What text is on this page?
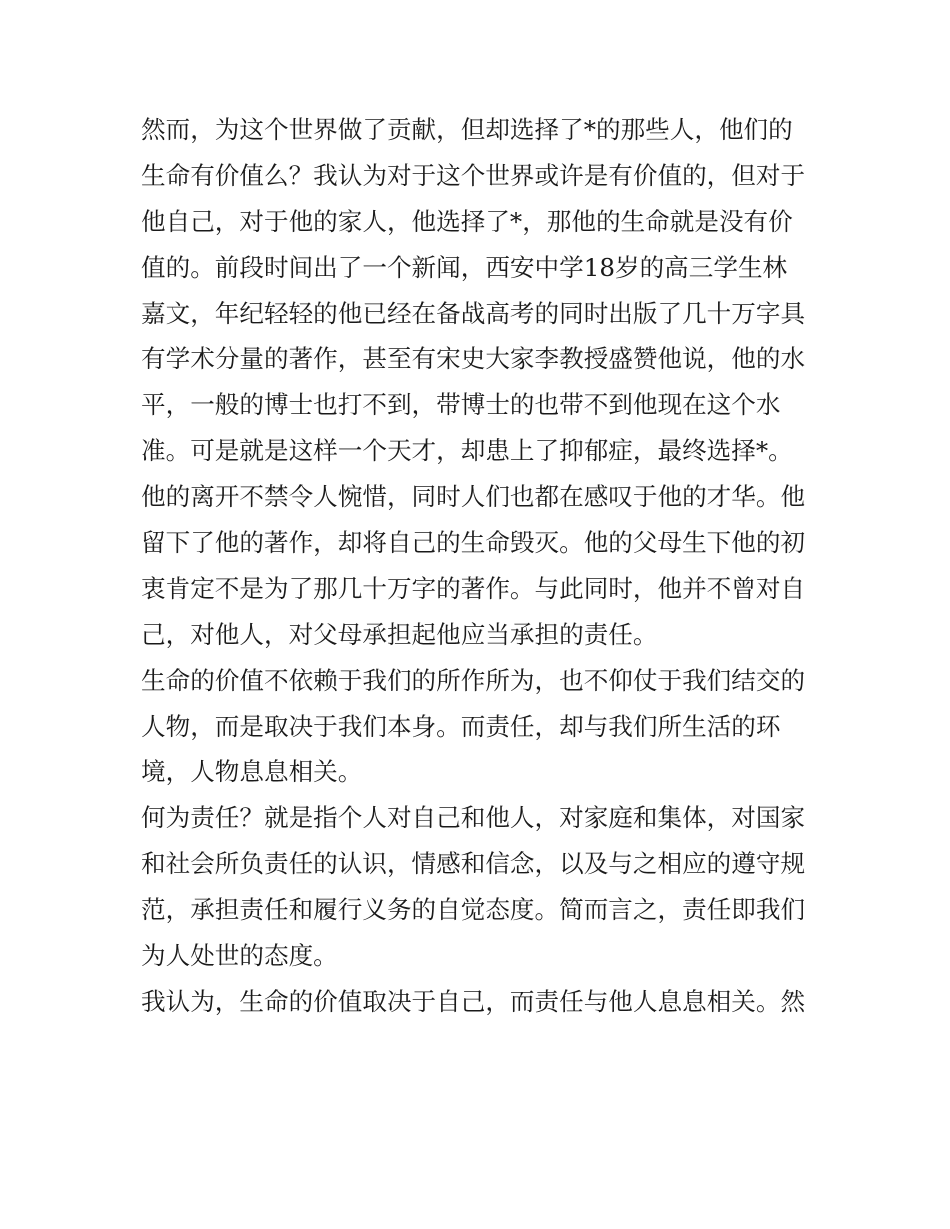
然而，为这个世界做了贡献，但却选择了*的那些人，他们的
生命有价值么？我认为对于这个世界或许是有价值的，但对于
他自己，对于他的家人，他选择了*，那他的生命就是没有价
值的。前段时间出了一个新闻，西安中学18岁的高三学生林
嘉文，年纪轻轻的他已经在备战高考的同时出版了几十万字具
有学术分量的著作，甚至有宋史大家李教授盛赞他说，他的水
平，一般的博士也打不到，带博士的也带不到他现在这个水
准。可是就是这样一个天才，却患上了抑郁症，最终选择*。
他的离开不禁令人惋惜，同时人们也都在感叹于他的才华。他
留下了他的著作，却将自己的生命毁灭。他的父母生下他的初
衷肯定不是为了那几十万字的著作。与此同时，他并不曾对自
己，对他人，对父母承担起他应当承担的责任。
生命的价值不依赖于我们的所作所为，也不仰仗于我们结交的
人物，而是取决于我们本身。而责任，却与我们所生活的环
境，人物息息相关。
何为责任？就是指个人对自己和他人，对家庭和集体，对国家
和社会所负责任的认识，情感和信念，以及与之相应的遵守规
范，承担责任和履行义务的自觉态度。简而言之，责任即我们
为人处世的态度。
我认为，生命的价值取决于自己，而责任与他人息息相关。然
